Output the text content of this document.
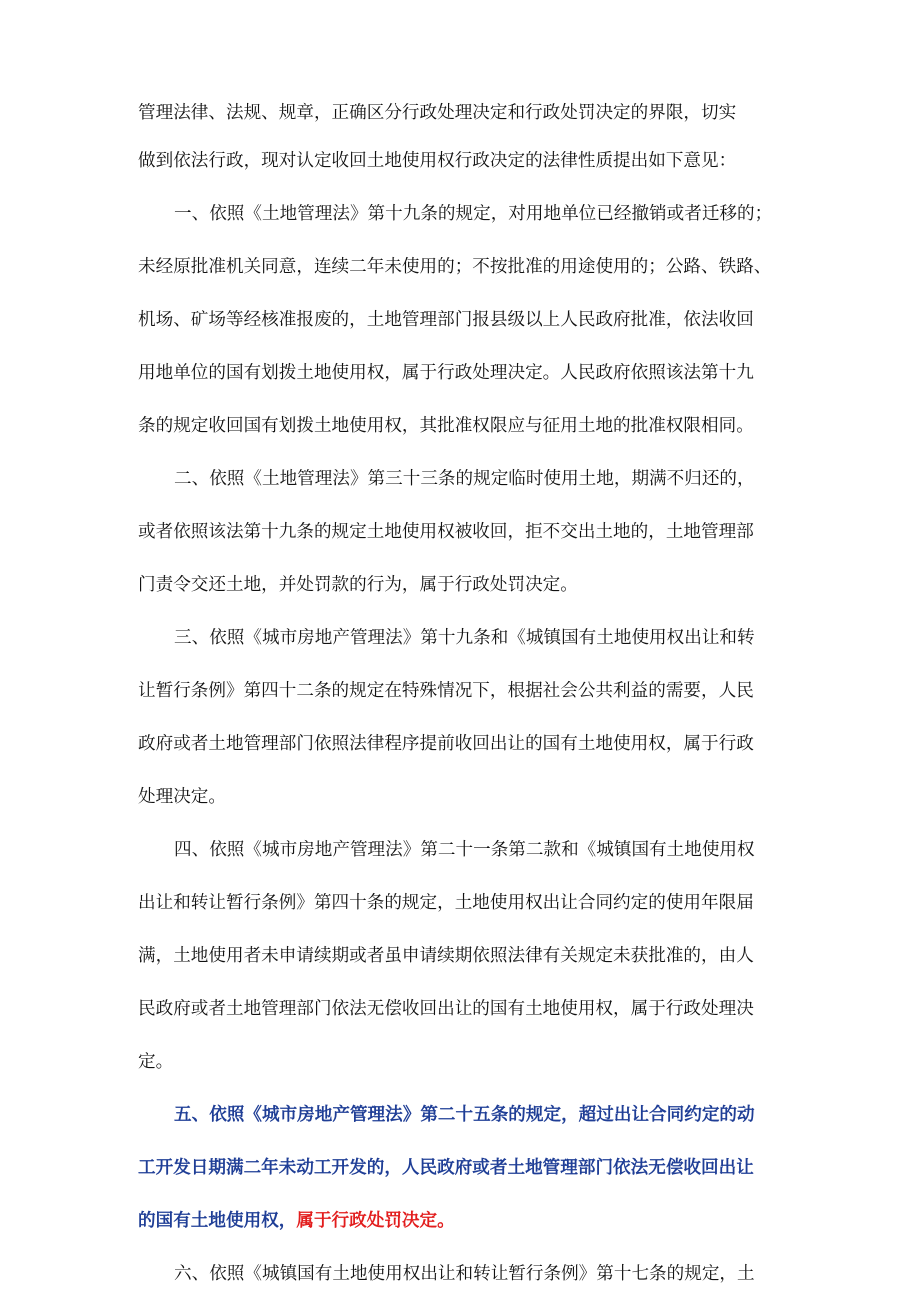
管理法律、法规、规章，正确区分行政处理决定和行政处罚决定的界限，切实

做到依法行政，现对认定收回土地使用权行政决定的法律性质提出如下意见：

一、依照《土地管理法》第十九条的规定，对用地单位已经撤销或者迁移的；

未经原批准机关同意，连续二年未使用的；不按批准的用途使用的；公路、铁路、

机场、矿场等经核准报废的，土地管理部门报县级以上人民政府批准，依法收回

用地单位的国有划拨土地使用权，属于行政处理决定。人民政府依照该法第十九

条的规定收回国有划拨土地使用权，其批准权限应与征用土地的批准权限相同。

二、依照《土地管理法》第三十三条的规定临时使用土地，期满不归还的，

或者依照该法第十九条的规定土地使用权被收回，拒不交出土地的，土地管理部

门责令交还土地，并处罚款的行为，属于行政处罚决定。

三、依照《城市房地产管理法》第十九条和《城镇国有土地使用权出让和转

让暂行条例》第四十二条的规定在特殊情况下，根据社会公共利益的需要，人民

政府或者土地管理部门依照法律程序提前收回出让的国有土地使用权，属于行政

处理决定。

四、依照《城市房地产管理法》第二十一条第二款和《城镇国有土地使用权

出让和转让暂行条例》第四十条的规定，土地使用权出让合同约定的使用年限届

满，土地使用者未申请续期或者虽申请续期依照法律有关规定未获批准的，由人

民政府或者土地管理部门依法无偿收回出让的国有土地使用权，属于行政处理决

定。

五、依照《城市房地产管理法》第二十五条的规定，超过出让合同约定的动

工开发日期满二年未动工开发的，人民政府或者土地管理部门依法无偿收回出让

的国有土地使用权，属于行政处罚决定。

六、依照《城镇国有土地使用权出让和转让暂行条例》第十七条的规定，土
